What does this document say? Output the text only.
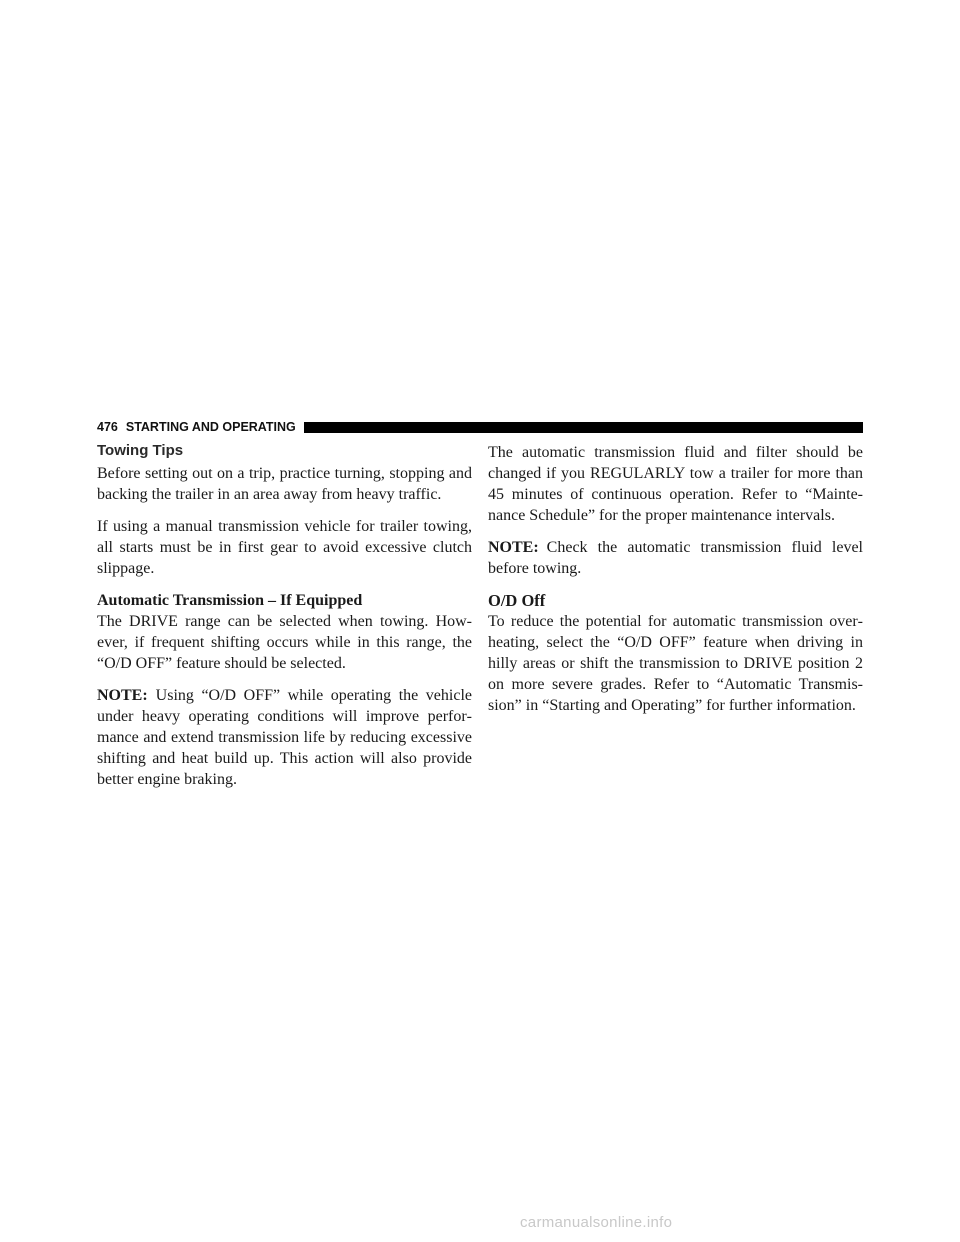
476 STARTING AND OPERATING
Towing Tips

Before setting out on a trip, practice turning, stopping and backing the trailer in an area away from heavy traffic.

If using a manual transmission vehicle for trailer towing, all starts must be in first gear to avoid excessive clutch slippage.

Automatic Transmission – If Equipped

The DRIVE range can be selected when towing. However, if frequent shifting occurs while in this range, the “O/D OFF” feature should be selected.

NOTE: Using “O/D OFF” while operating the vehicle under heavy operating conditions will improve performance and extend transmission life by reducing excessive shifting and heat build up. This action will also provide better engine braking.

The automatic transmission fluid and filter should be changed if you REGULARLY tow a trailer for more than 45 minutes of continuous operation. Refer to “Maintenance Schedule” for the proper maintenance intervals.

NOTE: Check the automatic transmission fluid level before towing.

O/D Off

To reduce the potential for automatic transmission overheating, select the “O/D OFF” feature when driving in hilly areas or shift the transmission to DRIVE position 2 on more severe grades. Refer to “Automatic Transmission” in “Starting and Operating” for further information.

carmanualsonline.info
